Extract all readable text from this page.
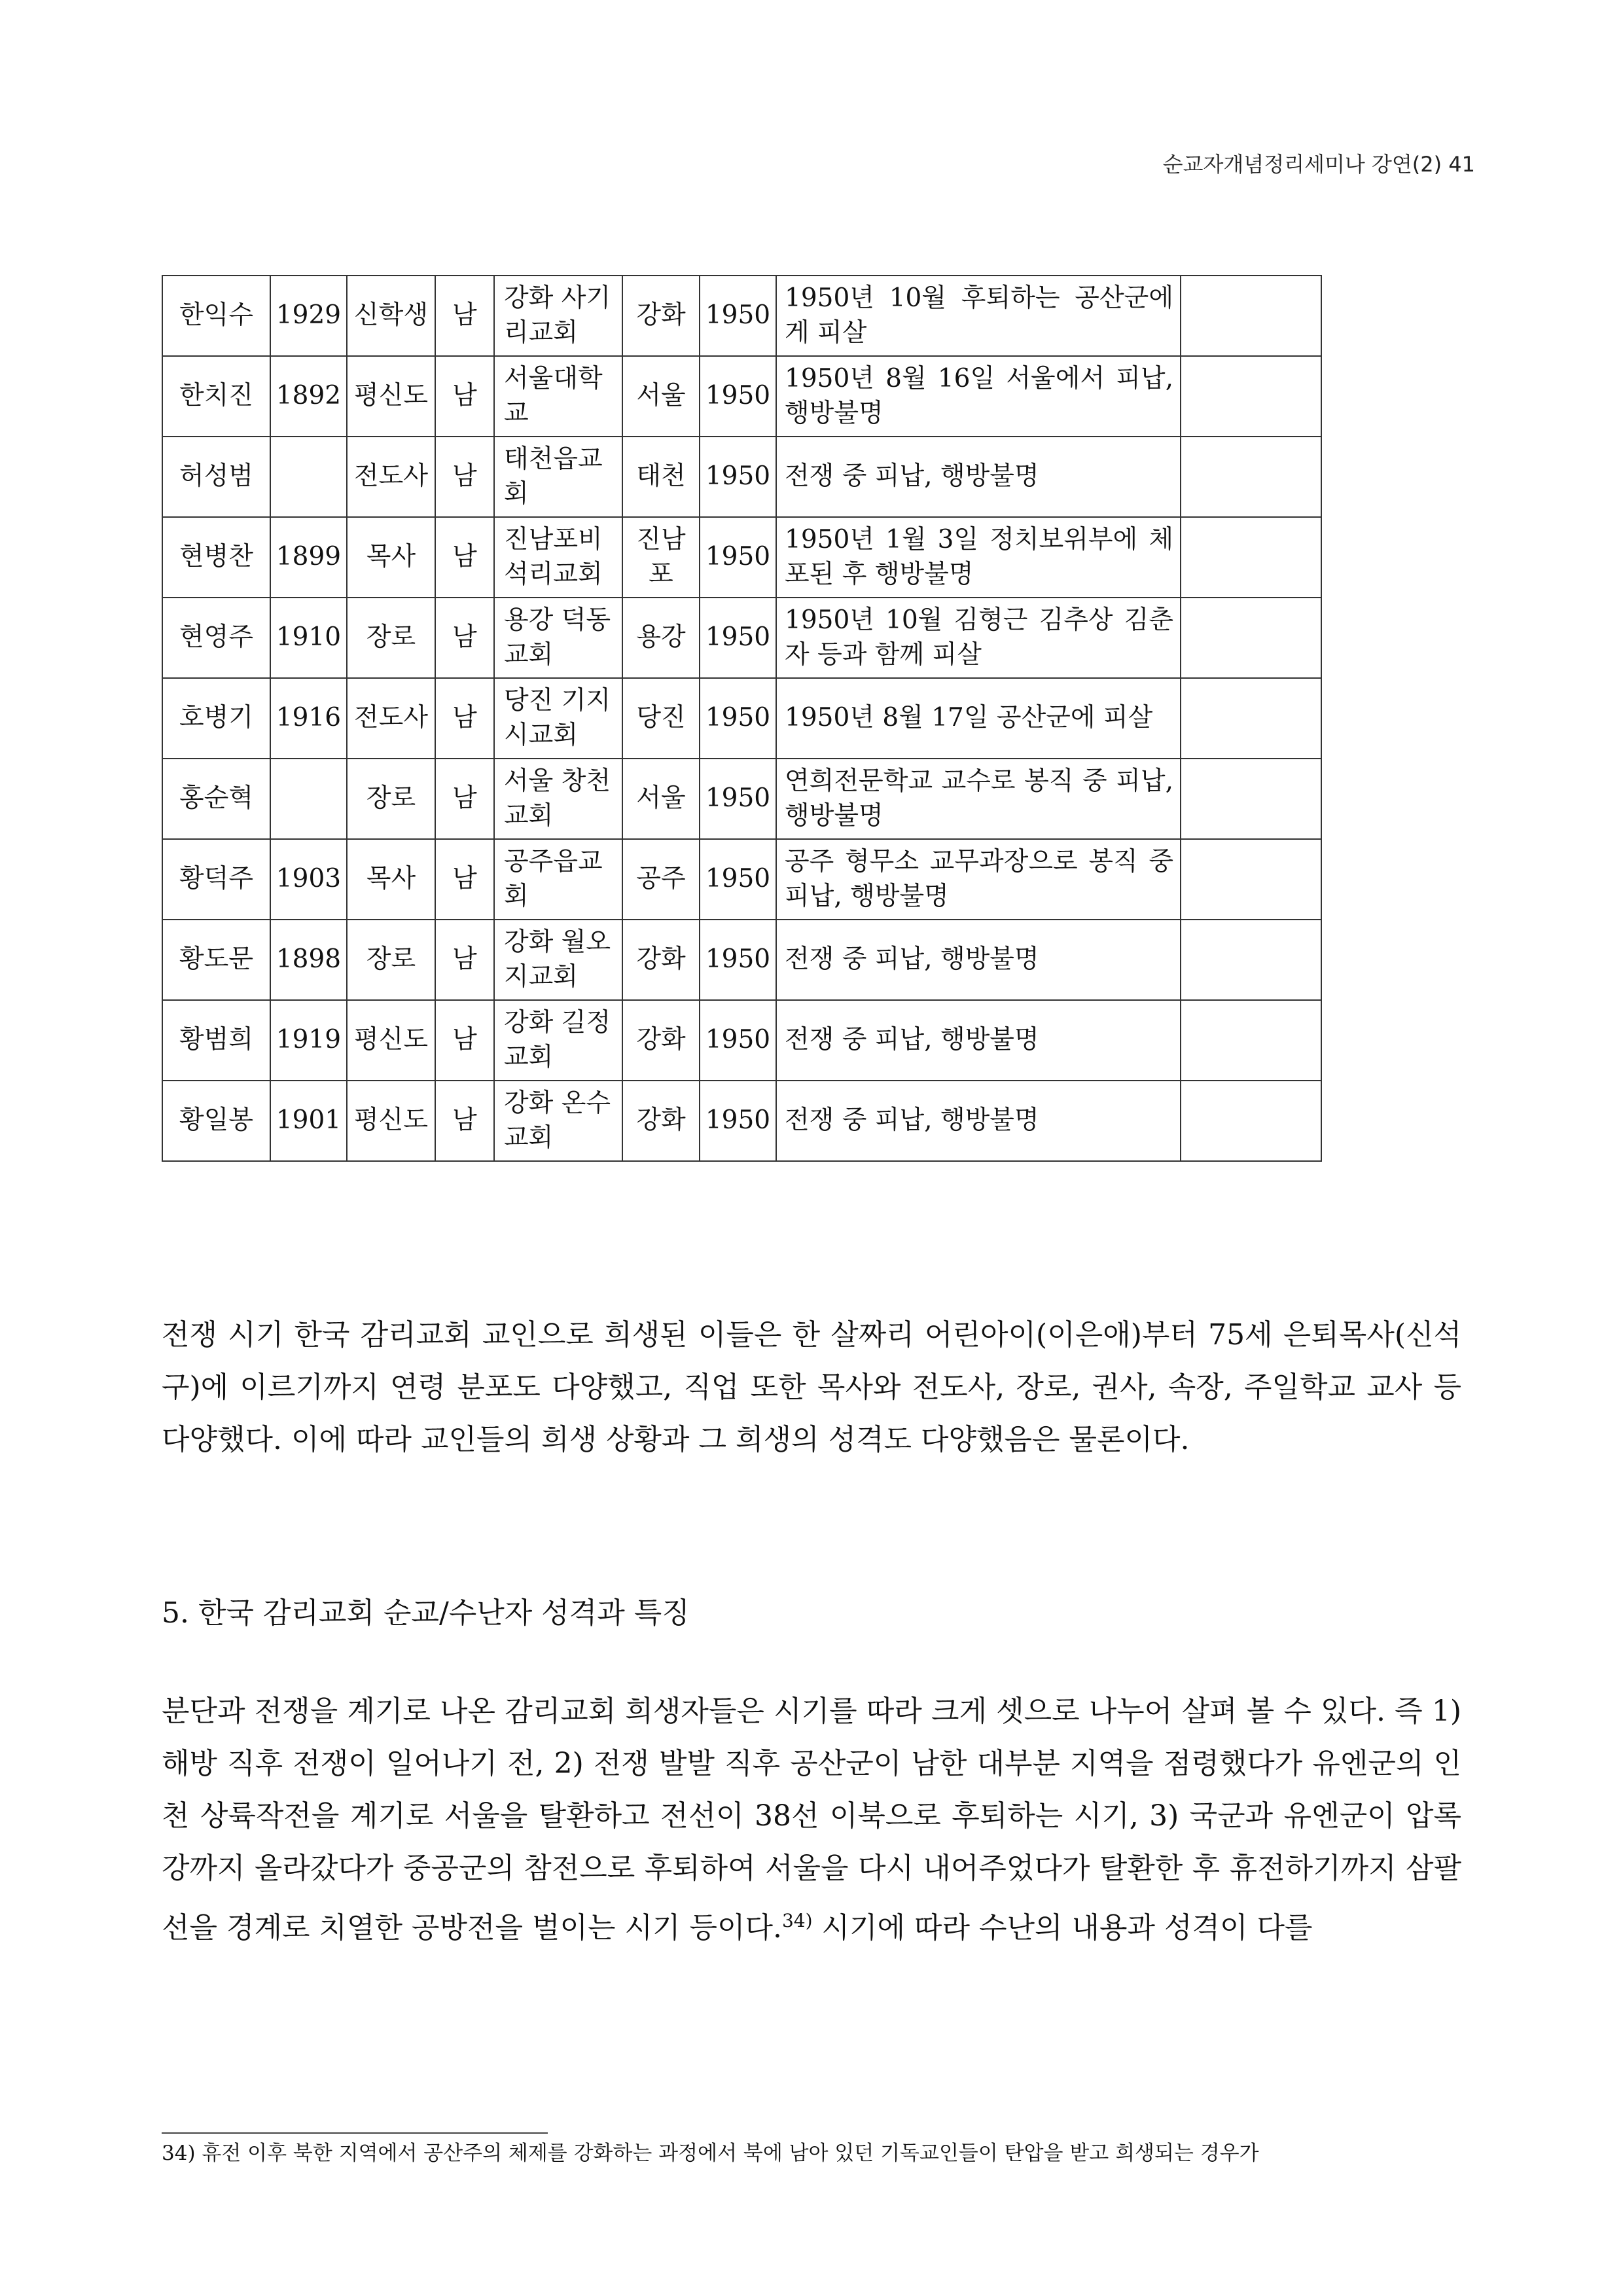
순교자개념정리세미나 강연(2) 41
한익수	1929	신학생	남	강화 사기리교회	강화	1950	1950년 10월 후퇴하는 공산군에게 피살	
한치진	1892	평신도	남	서울대학교	서울	1950	1950년 8월 16일 서울에서 피납, 행방불명	
허성범		전도사	남	태천읍교회	태천	1950	전쟁 중 피납, 행방불명	
현병찬	1899	목사	남	진남포비석리교회	진남포	1950	1950년 1월 3일 정치보위부에 체포된 후 행방불명	
현영주	1910	장로	남	용강 덕동교회	용강	1950	1950년 10월 김형근 김추상 김춘자 등과 함께 피살	
호병기	1916	전도사	남	당진 기지시교회	당진	1950	1950년 8월 17일 공산군에 피살	
홍순혁		장로	남	서울 창천교회	서울	1950	연희전문학교 교수로 봉직 중 피납, 행방불명	
황덕주	1903	목사	남	공주읍교회	공주	1950	공주 형무소 교무과장으로 봉직 중 피납, 행방불명	
황도문	1898	장로	남	강화 월오지교회	강화	1950	전쟁 중 피납, 행방불명	
황범희	1919	평신도	남	강화 길정교회	강화	1950	전쟁 중 피납, 행방불명	
황일봉	1901	평신도	남	강화 온수교회	강화	1950	전쟁 중 피납, 행방불명	
전쟁 시기 한국 감리교회 교인으로 희생된 이들은 한 살짜리 어린아이(이은애)부터 75세 은퇴목사(신석구)에 이르기까지 연령 분포도 다양했고, 직업 또한 목사와 전도사, 장로, 권사, 속장, 주일학교 교사 등 다양했다. 이에 따라 교인들의 희생 상황과 그 희생의 성격도 다양했음은 물론이다.
5. 한국 감리교회 순교/수난자 성격과 특징
분단과 전쟁을 계기로 나온 감리교회 희생자들은 시기를 따라 크게 셋으로 나누어 살펴 볼 수 있다. 즉 1) 해방 직후 전쟁이 일어나기 전, 2) 전쟁 발발 직후 공산군이 남한 대부분 지역을 점령했다가 유엔군의 인천 상륙작전을 계기로 서울을 탈환하고 전선이 38선 이북으로 후퇴하는 시기, 3) 국군과 유엔군이 압록강까지 올라갔다가 중공군의 참전으로 후퇴하여 서울을 다시 내어주었다가 탈환한 후 휴전하기까지 삼팔선을 경계로 치열한 공방전을 벌이는 시기 등이다.$^{34)}$ 시기에 따라 수난의 내용과 성격이 다를
34) 휴전 이후 북한 지역에서 공산주의 체제를 강화하는 과정에서 북에 남아 있던 기독교인들이 탄압을 받고 희생되는 경우가
